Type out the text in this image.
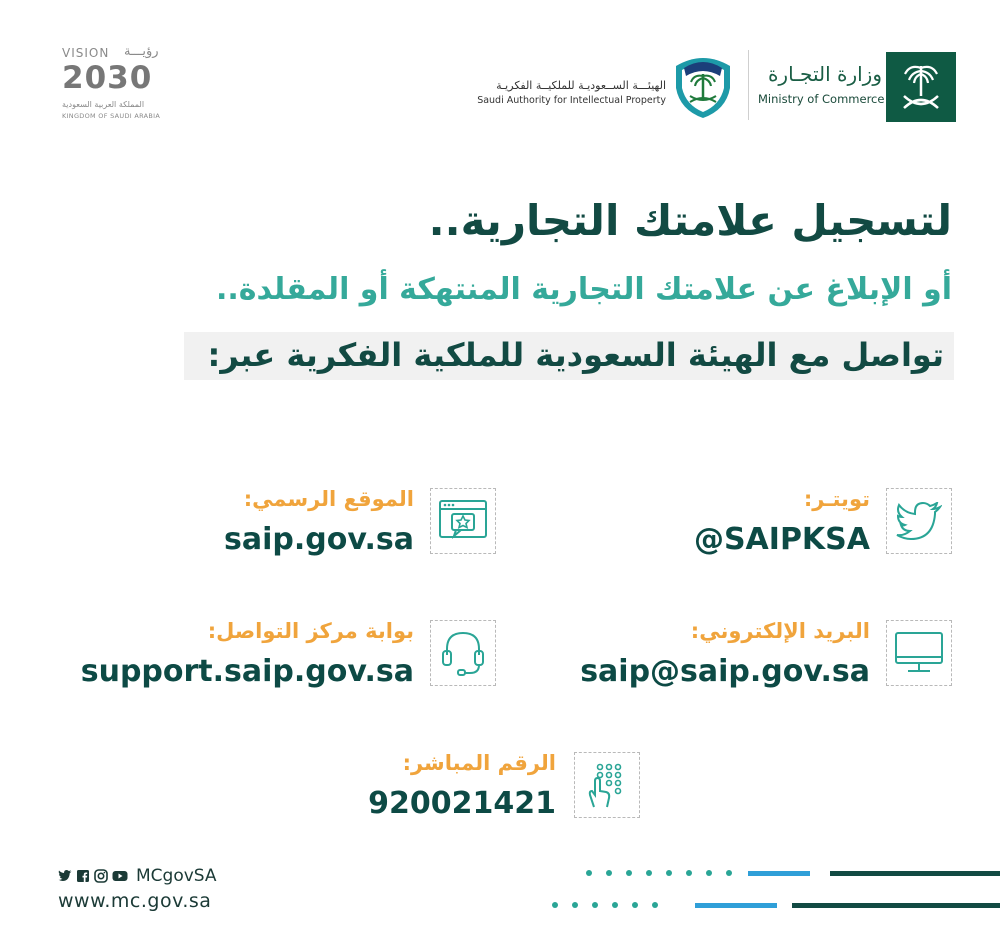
VISION رؤيـــة
2030
المملكة العربية السعودية
KINGDOM OF SAUDI ARABIA
الهيئـــة الســعوديـة للملكيــة الفكريـة
Saudi Authority for Intellectual Property
وزارة التجـارة
Ministry of Commerce
لتسجيل علامتك التجارية..
أو الإبلاغ عن علامتك التجارية المنتهكة أو المقلدة..
تواصل مع الهيئة السعودية للملكية الفكرية عبر:
تويتـر:
@SAIPKSA
الموقع الرسمي:
saip.gov.sa
البريد الإلكتروني:
saip@saip.gov.sa
بوابة مركز التواصل:
support.saip.gov.sa
الرقم المباشر:
920021421
MCgovSA
www.mc.gov.sa
